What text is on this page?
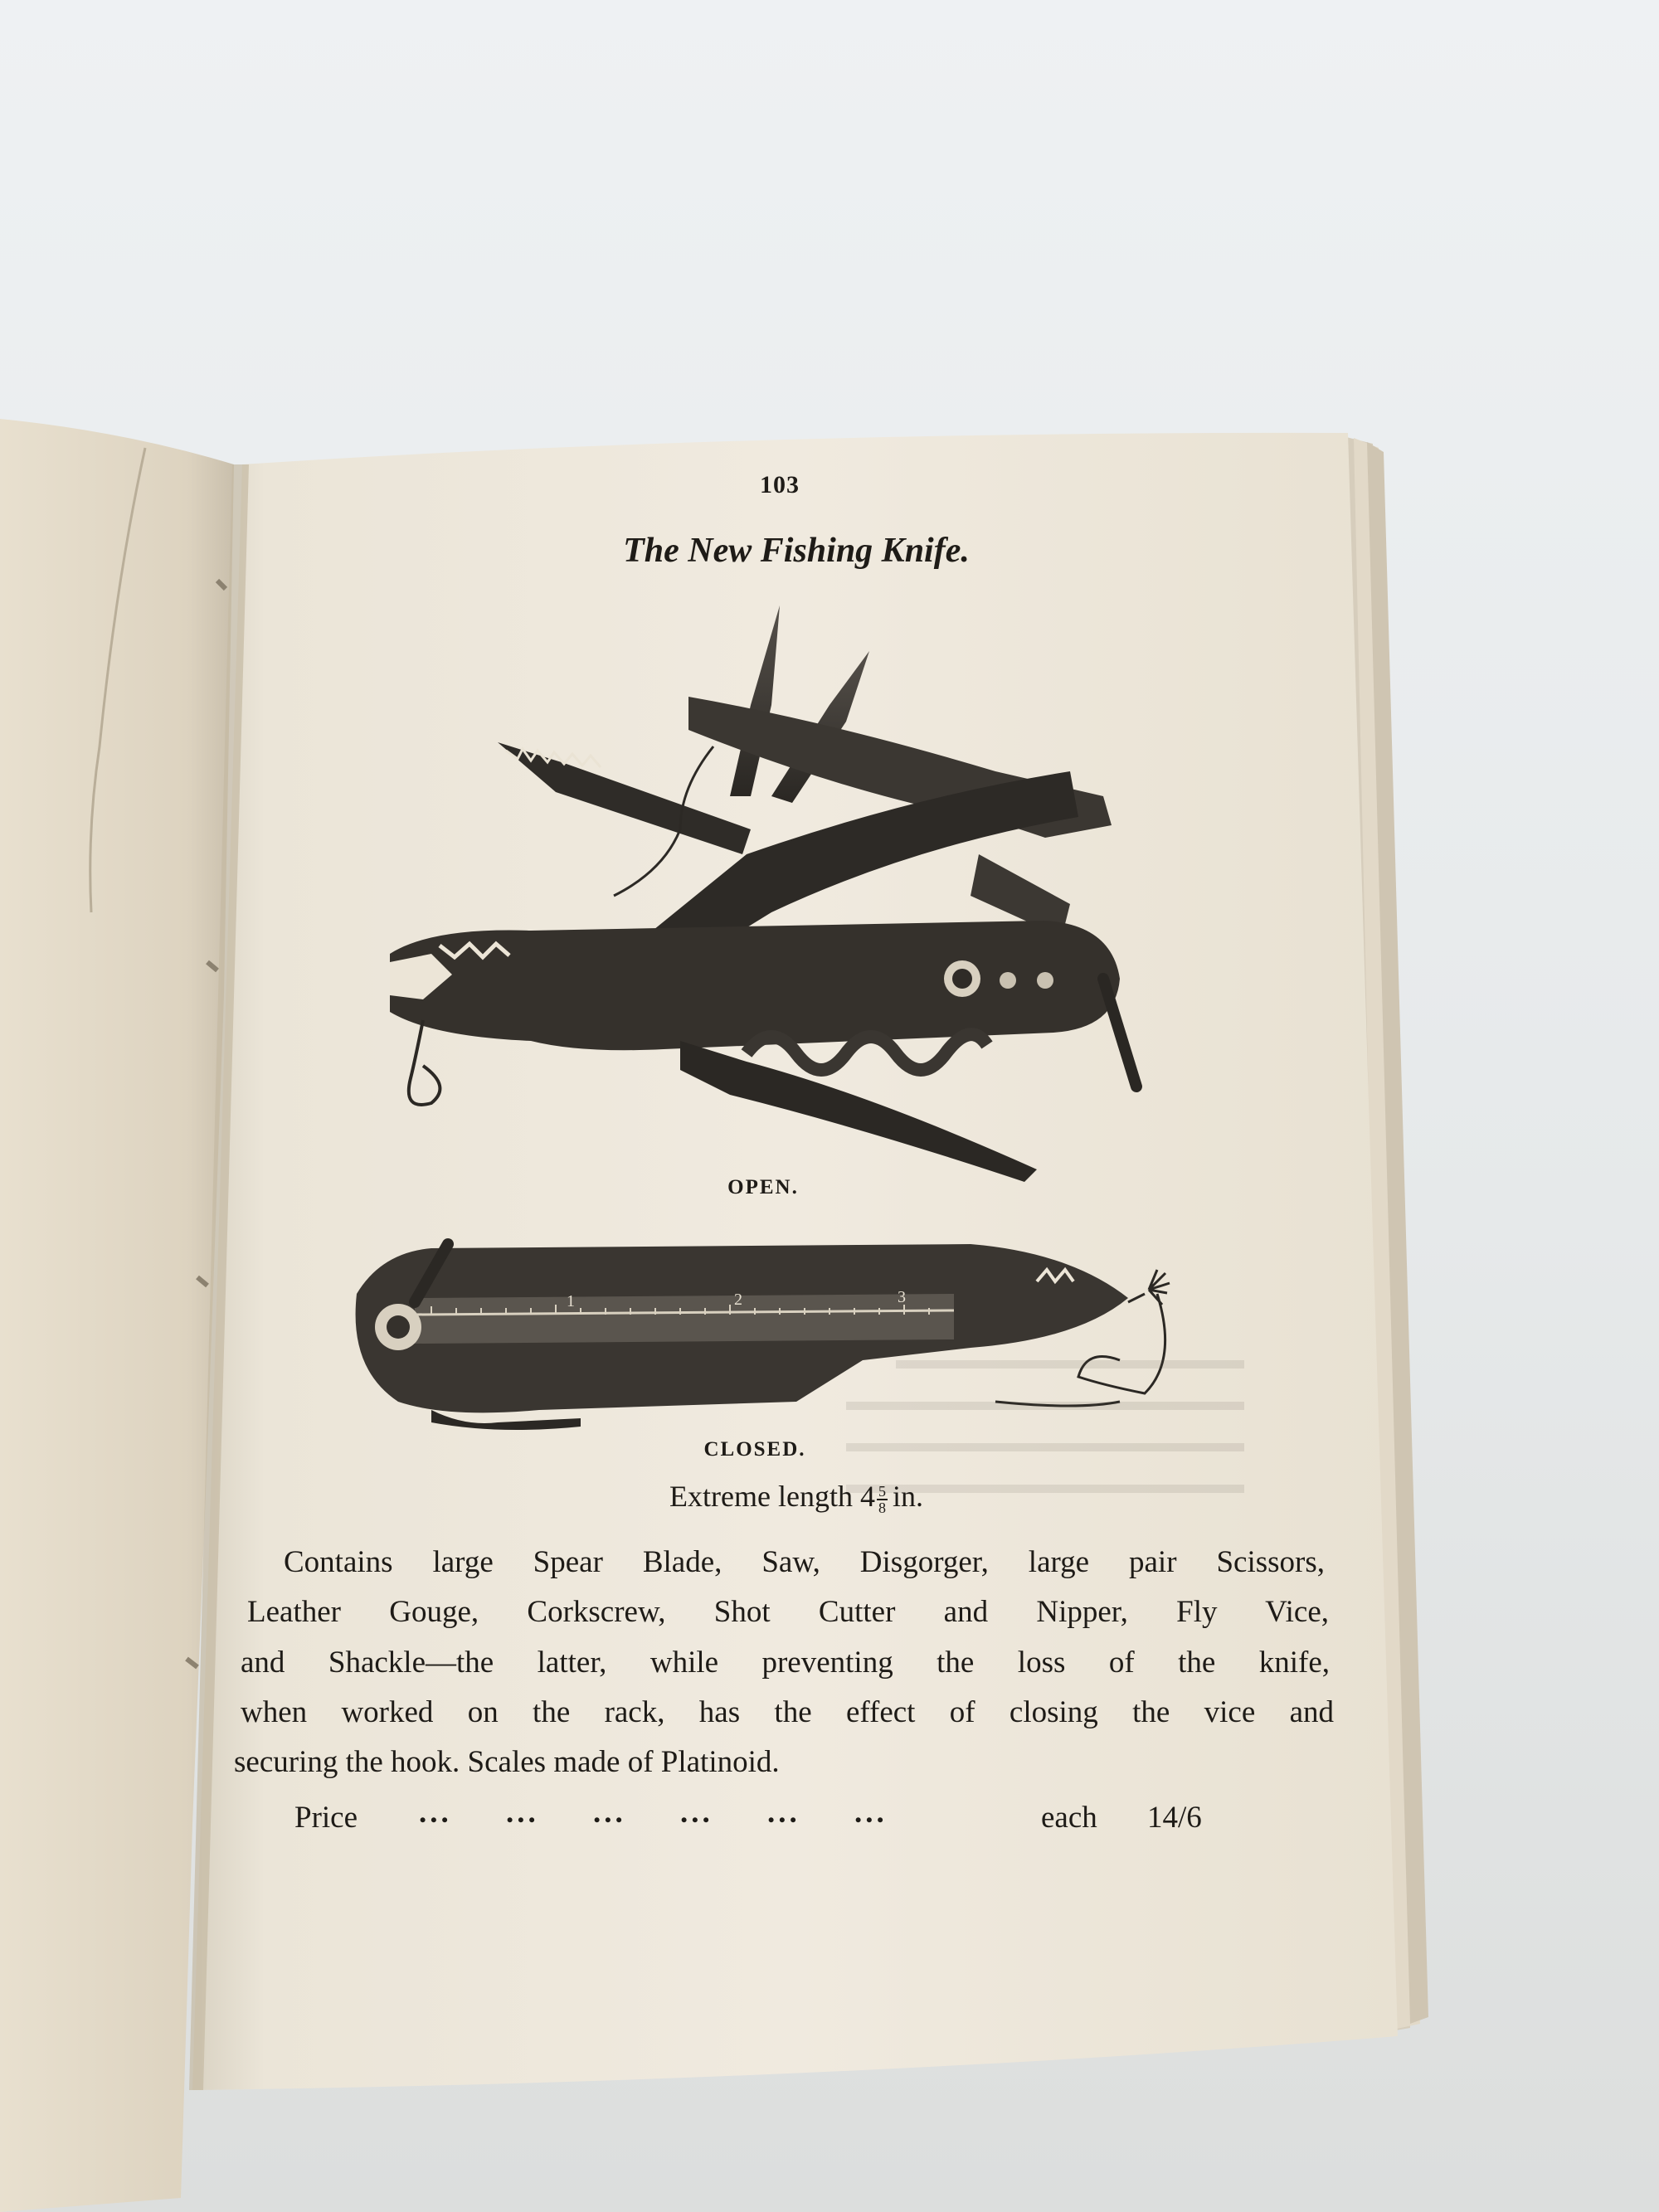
1	2	3

103

The New Fishing Knife.
OPEN.
CLOSED.
Extreme length $4 \frac{5}{8}$ in.
Contains large Spear Blade, Saw, Disgorger, large pair Scissors,
Leather Gouge, Corkscrew, Shot Cutter and Nipper, Fly Vice,
and Shackle—the latter, while preventing the loss of the knife,
when worked on the rack, has the effect of closing the vice and
securing the hook. Scales made of Platinoid.
Price ... ... ... ... ... ...	each 14/6
